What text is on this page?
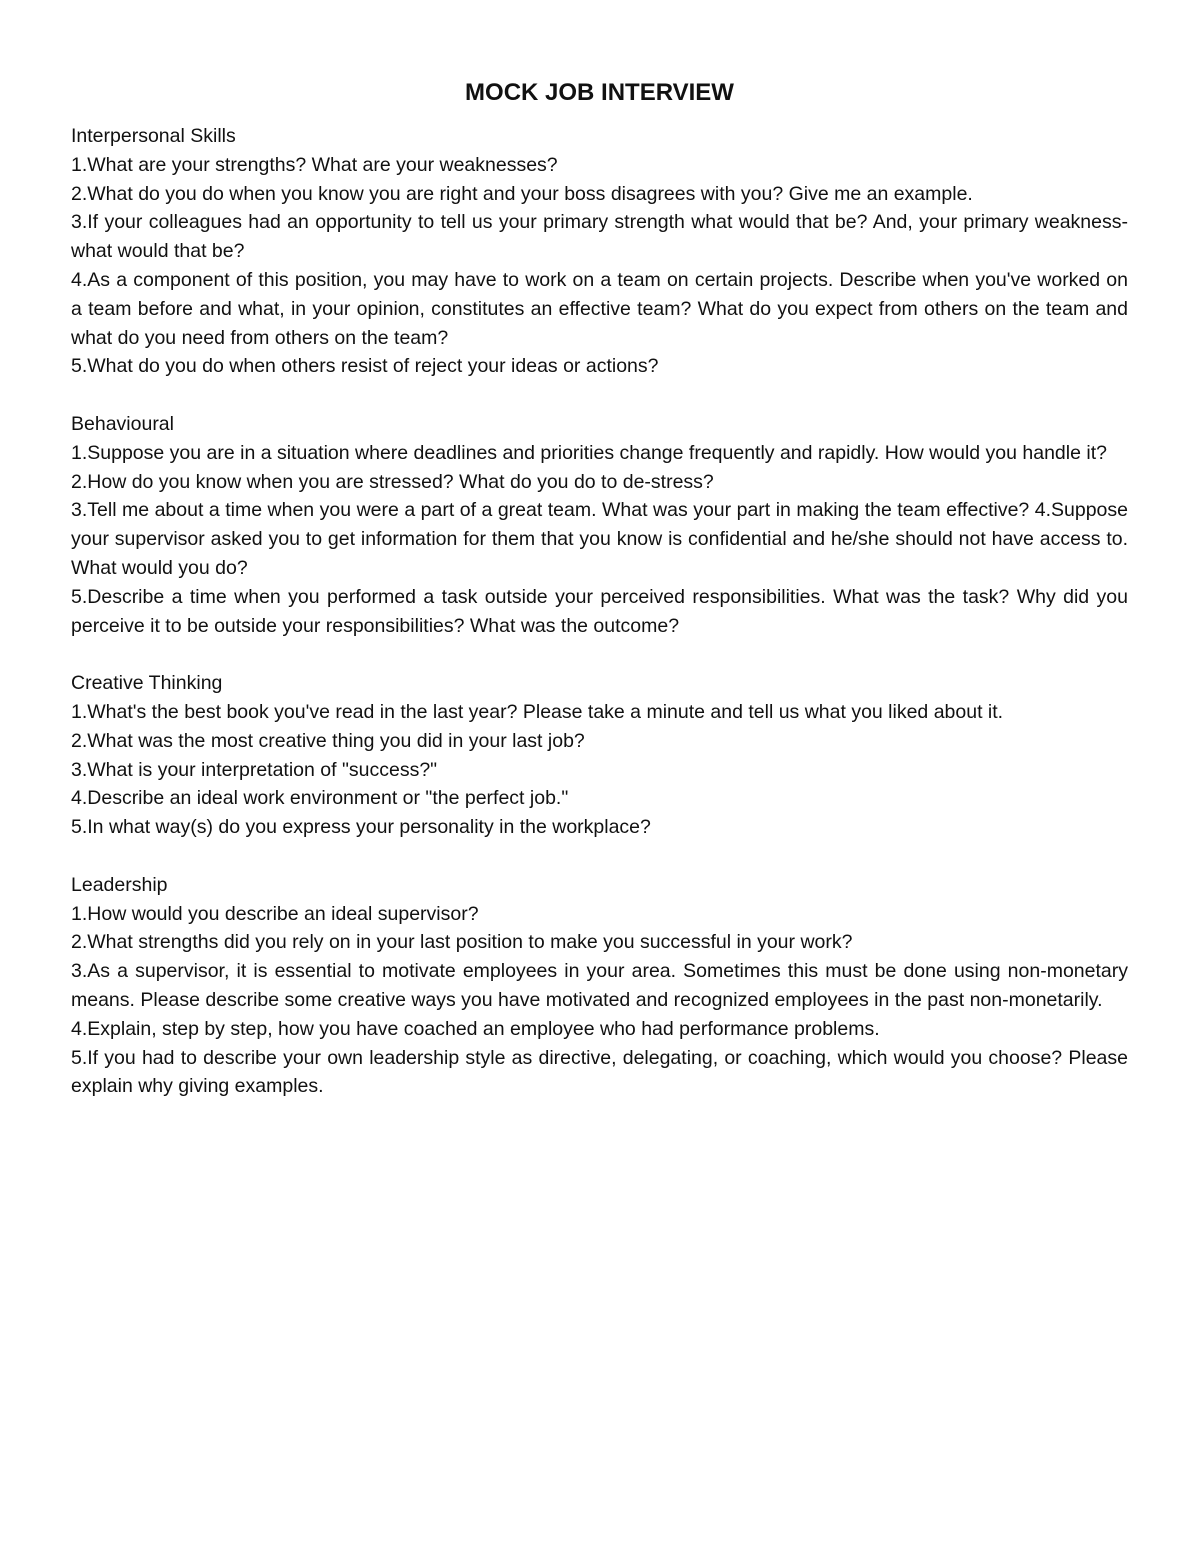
MOCK JOB INTERVIEW
Interpersonal Skills
1.What are your strengths? What are your weaknesses?
2.What do you do when you know you are right and your boss disagrees with you? Give me an example.
3.If your colleagues had an opportunity to tell us your primary strength what would that be? And, your primary weakness-what would that be?
4.As a component of this position, you may have to work on a team on certain projects. Describe when you've worked on a team before and what, in your opinion, constitutes an effective team? What do you expect from others on the team and what do you need from others on the team?
5.What do you do when others resist of reject your ideas or actions?
Behavioural
1.Suppose you are in a situation where deadlines and priorities change frequently and rapidly. How would you handle it?
2.How do you know when you are stressed? What do you do to de-stress?
3.Tell me about a time when you were a part of a great team. What was your part in making the team effective? 4.Suppose your supervisor asked you to get information for them that you know is confidential and he/she should not have access to. What would you do?
5.Describe a time when you performed a task outside your perceived responsibilities. What was the task? Why did you perceive it to be outside your responsibilities? What was the outcome?
Creative Thinking
1.What's the best book you've read in the last year? Please take a minute and tell us what you liked about it.
2.What was the most creative thing you did in your last job?
3.What is your interpretation of "success?"
4.Describe an ideal work environment or "the perfect job."
5.In what way(s) do you express your personality in the workplace?
Leadership
1.How would you describe an ideal supervisor?
2.What strengths did you rely on in your last position to make you successful in your work?
3.As a supervisor, it is essential to motivate employees in your area. Sometimes this must be done using non-monetary means. Please describe some creative ways you have motivated and recognized employees in the past non-monetarily.
4.Explain, step by step, how you have coached an employee who had performance problems.
5.If you had to describe your own leadership style as directive, delegating, or coaching, which would you choose? Please explain why giving examples.
